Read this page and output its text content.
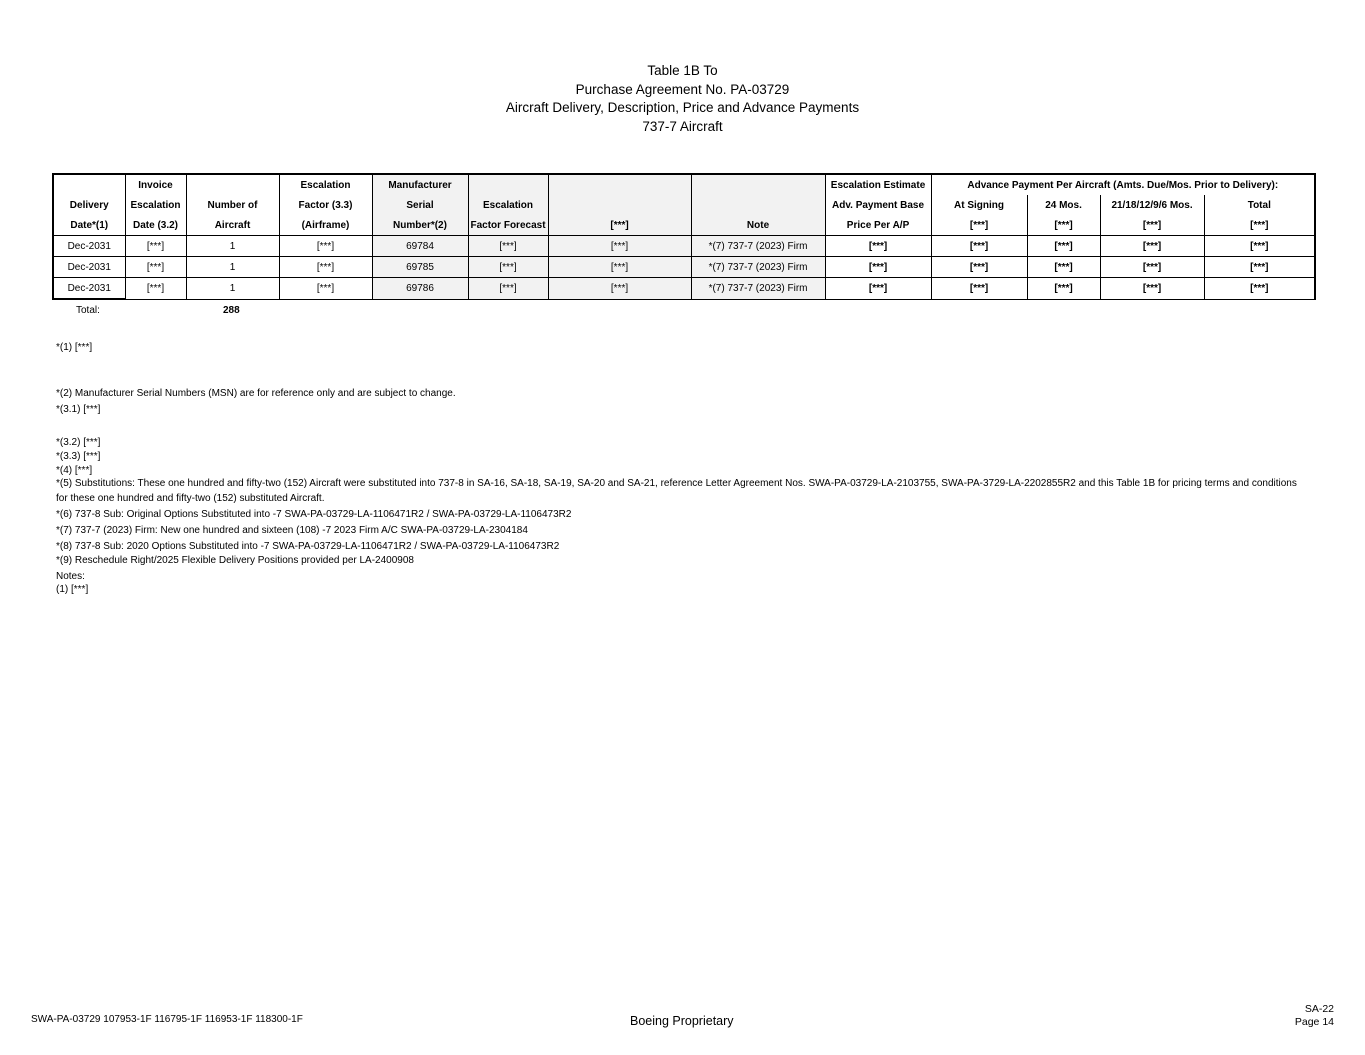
Table 1B To
Purchase Agreement No. PA-03729
Aircraft Delivery, Description, Price and Advance Payments
737-7 Aircraft
	Invoice		Escalation	Manufacturer				Escalation Estimate	Advance Payment Per Aircraft (Amts. Due/Mos. Prior to Delivery):			
Delivery	Escalation	Number of	Factor (3.3)	Serial	Escalation			Adv. Payment Base	At Signing	24 Mos.	21/18/12/9/6 Mos.	Total
Date*(1)	Date (3.2)	Aircraft	(Airframe)	Number*(2)	Factor Forecast	[***]	Note	Price Per A/P	[***]	[***]	[***]	[***]
Dec-2031	[***]	1	[***]	69784	[***]	[***]	*(7) 737-7 (2023) Firm	[***]	[***]	[***]	[***]	[***]
Dec-2031	[***]	1	[***]	69785	[***]	[***]	*(7) 737-7 (2023) Firm	[***]	[***]	[***]	[***]	[***]
Dec-2031	[***]	1	[***]	69786	[***]	[***]	*(7) 737-7 (2023) Firm	[***]	[***]	[***]	[***]	[***]
Total:	288
*(1) [***]
*(2) Manufacturer Serial Numbers (MSN) are for reference only and are subject to change.
*(3.1) [***]
*(3.2) [***]
*(3.3) [***]
*(4) [***]
*(5) Substitutions: These one hundred and fifty-two (152) Aircraft were substituted into 737-8 in SA-16, SA-18, SA-19, SA-20 and SA-21, reference Letter Agreement Nos. SWA-PA-03729-LA-2103755, SWA-PA-3729-LA-2202855R2 and this Table 1B for pricing terms and conditions for these one hundred and fifty-two (152) substituted Aircraft.
*(6) 737-8 Sub: Original Options Substituted into -7 SWA-PA-03729-LA-1106471R2 / SWA-PA-03729-LA-1106473R2
*(7) 737-7 (2023) Firm: New one hundred and sixteen (108) -7 2023 Firm A/C SWA-PA-03729-LA-2304184
*(8) 737-8 Sub: 2020 Options Substituted into -7 SWA-PA-03729-LA-1106471R2 / SWA-PA-03729-LA-1106473R2
*(9) Reschedule Right/2025 Flexible Delivery Positions provided per LA-2400908
Notes:
(1) [***]
SWA-PA-03729 107953-1F 116795-1F 116953-1F 118300-1F	Boeing Proprietary
SA-22
Page 14
